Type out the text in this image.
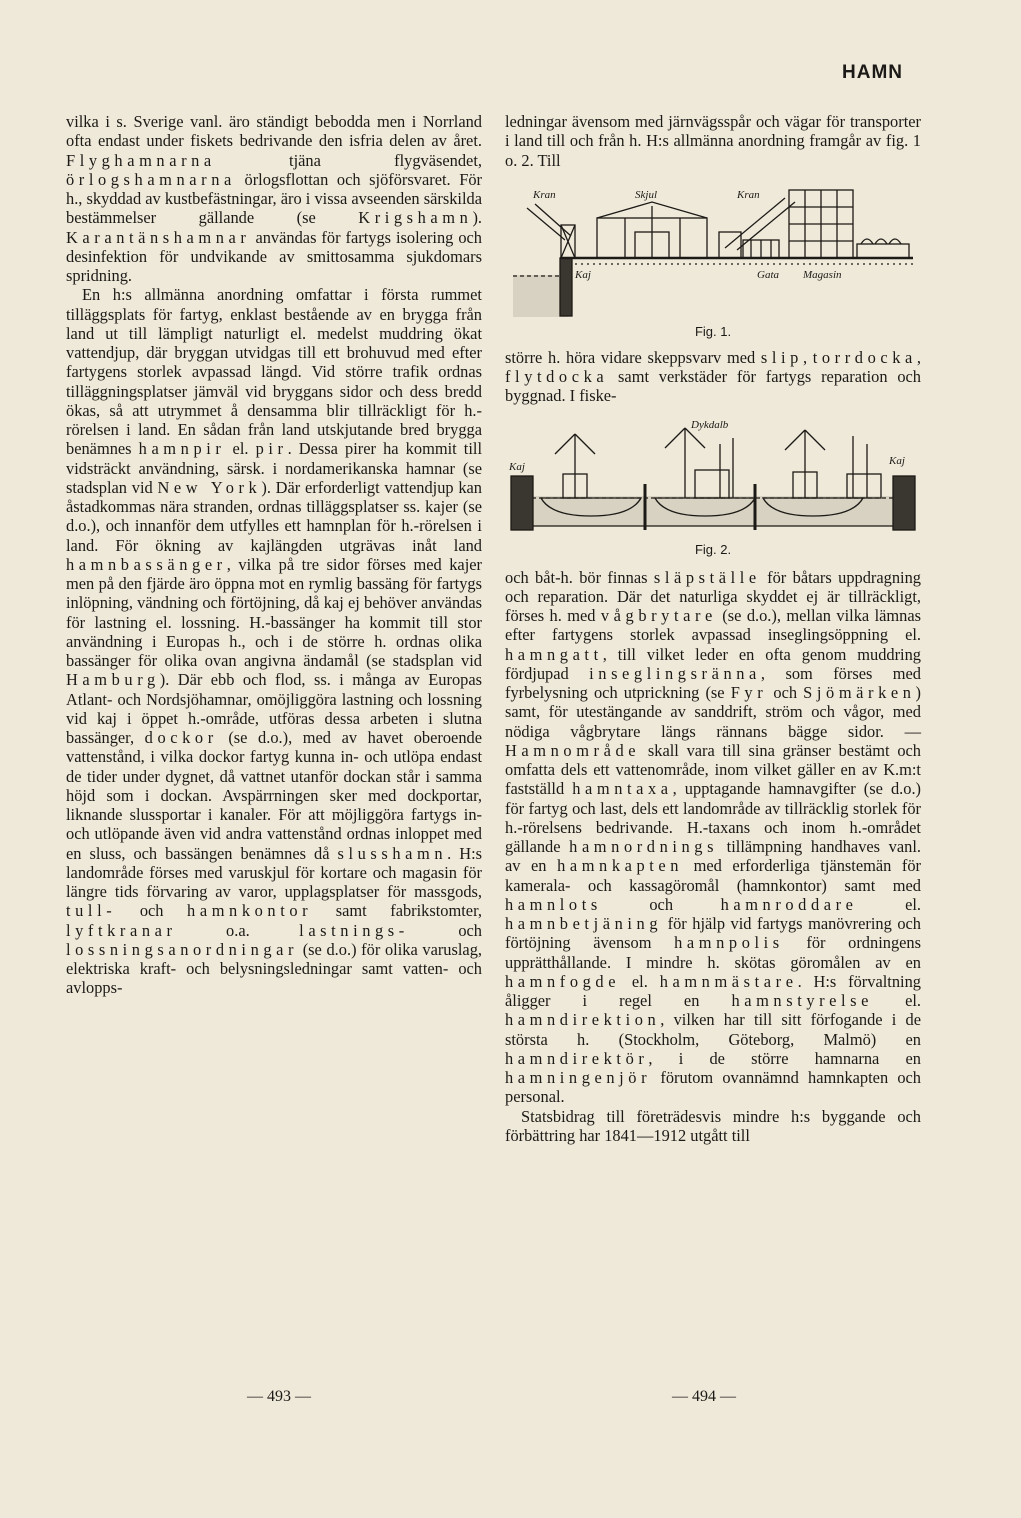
HAMN

vilka i s. Sverige vanl. äro ständigt bebodda men i Norrland ofta endast under fiskets bedrivande den isfria delen av året. Flyghamnarna tjäna flygväsendet, örlogshamnarna örlogsflottan och sjöförsvaret. För h., skyddad av kustbefästningar, äro i vissa avseenden särskilda bestämmelser gällande (se Krigshamn). Karantänshamnar användas för fartygs isolering och desinfektion för undvikande av smittosamma sjukdomars spridning.

En h:s allmänna anordning omfattar i första rummet tilläggsplats för fartyg, enklast bestående av en brygga från land ut till lämpligt naturligt el. medelst muddring ökat vattendjup, där bryggan utvidgas till ett brohuvud med efter fartygens storlek avpassad längd. Vid större trafik ordnas tilläggningsplatser jämväl vid bryggans sidor och dess bredd ökas, så att utrymmet å densamma blir tillräckligt för h.-rörelsen i land. En sådan från land utskjutande bred brygga benämnes hamnpir el. pir. Dessa pirer ha kommit till vidsträckt användning, särsk. i nordamerikanska hamnar (se stadsplan vid New York). Där erforderligt vattendjup kan åstadkommas nära stranden, ordnas tilläggsplatser ss. kajer (se d.o.), och innanför dem utfylles ett hamnplan för h.-rörelsen i land. För ökning av kajlängden utgrävas inåt land hamnbassänger, vilka på tre sidor förses med kajer men på den fjärde äro öppna mot en rymlig bassäng för fartygs inlöpning, vändning och förtöjning, då kaj ej behöver användas för lastning el. lossning. H.-bassänger ha kommit till stor användning i Europas h., och i de större h. ordnas olika bassänger för olika ovan angivna ändamål (se stadsplan vid Hamburg). Där ebb och flod, ss. i många av Europas Atlant- och Nordsjöhamnar, omöjliggöra lastning och lossning vid kaj i öppet h.-område, utföras dessa arbeten i slutna bassänger, dockor (se d.o.), med av havet oberoende vattenstånd, i vilka dockor fartyg kunna in- och utlöpa endast de tider under dygnet, då vattnet utanför dockan står i samma höjd som i dockan. Avspärrningen sker med dockportar, liknande slussportar i kanaler. För att möjliggöra fartygs in- och utlöpande även vid andra vattenstånd ordnas inloppet med en sluss, och bassängen benämnes då slusshamn. H:s landområde förses med varuskjul för kortare och magasin för längre tids förvaring av varor, upplagsplatser för massgods, tull- och hamnkontor samt fabrikstomter, lyftkranar o.a. lastnings- och lossningsanordningar (se d.o.) för olika varuslag, elektriska kraft- och belysningsledningar samt vatten- och avlopps-

ledningar ävensom med järnvägsspår och vägar för transporter i land till och från h. H:s allmänna anordning framgår av fig. 1 o. 2. Till

Kran	Skjul	Kran
Kaj	Gata Magasin
Fig. 1.

större h. höra vidare skeppsvarv med slip, torrdocka, flytdocka samt verkstäder för fartygs reparation och byggnad. I fiske-

Kaj
Dykdalb
Kaj
Fig. 2.

och båt-h. bör finnas släpställe för båtars uppdragning och reparation. Där det naturliga skyddet ej är tillräckligt, förses h. med vågbrytare (se d.o.), mellan vilka lämnas efter fartygens storlek avpassad inseglingsöppning el. hamngatt, till vilket leder en ofta genom muddring fördjupad inseglingsränna, som förses med fyrbelysning och utprickning (se Fyr och Sjömärken) samt, för utestängande av sanddrift, ström och vågor, med nödiga vågbrytare längs rännans bägge sidor. — Hamnområde skall vara till sina gränser bestämt och omfatta dels ett vattenområde, inom vilket gäller en av K.m:t fastställd hamntaxa, upptagande hamnavgifter (se d.o.) för fartyg och last, dels ett landområde av tillräcklig storlek för h.-rörelsens bedrivande. H.-taxans och inom h.-området gällande hamnordnings tillämpning handhaves vanl. av en hamnkapten med erforderliga tjänstemän för kamerala- och kassagöromål (hamnkontor) samt med hamnlots och hamnroddare el. hamnbetjäning för hjälp vid fartygs manövrering och förtöjning ävensom hamnpolis för ordningens upprätthållande. I mindre h. skötas göromålen av en hamnfogde el. hamnmästare. H:s förvaltning åligger i regel en hamnstyrelse el. hamndirektion, vilken har till sitt förfogande i de största h. (Stockholm, Göteborg, Malmö) en hamndirektör, i de större hamnarna en hamningenjör förutom ovannämnd hamnkapten och personal.

Statsbidrag till företrädesvis mindre h:s byggande och förbättring har 1841—1912 utgått till

— 493 —	— 494 —
